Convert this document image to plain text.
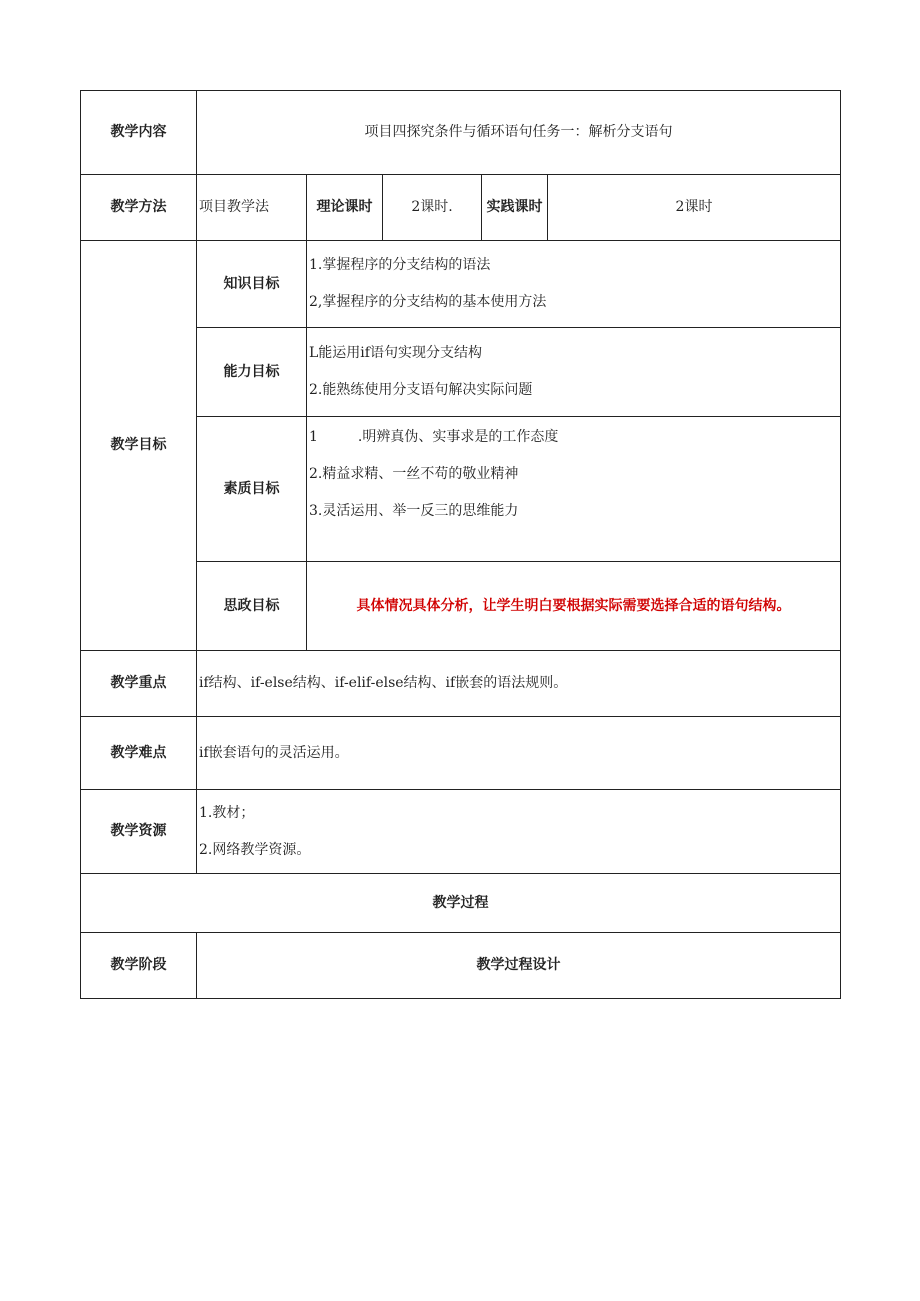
教学内容	项目四探究条件与循环语句任务一：解析分支语句				
教学方法	项目教学法	理论课时	2课时.	实践课时	2课时
教学目标	知识目标	1.掌握程序的分支结构的语法
2,掌握程序的分支结构的基本使用方法			

	能力目标	L能运用if语句实现分支结构
2.能熟练使用分支语句解决实际问题			

	素质目标	1 .明辨真伪、实事求是的工作态度
2.精益求精、一丝不苟的敬业精神
3.灵活运用、举一反三的思维能力			

	思政目标	具体情况具体分析，让学生明白要根据实际需要选择合适的语句结构。			
教学重点	if结构、if-else结构、if-elif-else结构、if嵌套的语法规则。				
教学难点	if嵌套语句的灵活运用。				
教学资源	1.教材；
2.网络教学资源。				

教学过程					
教学阶段	教学过程设计				
